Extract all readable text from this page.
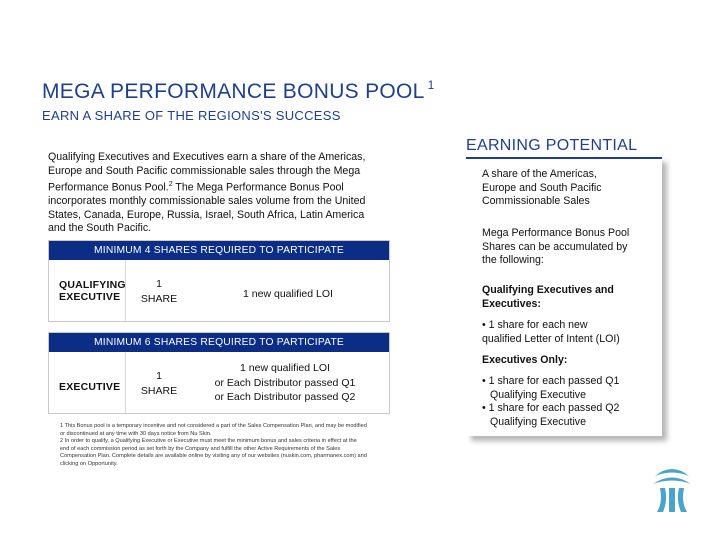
MEGA PERFORMANCE BONUS POOL $^1$
EARN A SHARE OF THE REGIONS'S SUCCESS
Qualifying Executives and Executives earn a share of the Americas,
Europe and South Pacific commissionable sales through the Mega
Performance Bonus Pool.$^2$ The Mega Performance Bonus Pool
incorporates monthly commissionable sales volume from the United
States, Canada, Europe, Russia, Israel, South Africa, Latin America
and the South Pacific.
MINIMUM 4 SHARES REQUIRED TO PARTICIPATE
QUALIFYING
EXECUTIVE
1
SHARE	1 new qualified LOI
MINIMUM 6 SHARES REQUIRED TO PARTICIPATE
EXECUTIVE
1
SHARE
1 new qualified LOI
or Each Distributor passed Q1
or Each Distributor passed Q2
1 This Bonus pool is a temporary incentive and not considered a part of the Sales Compensation Plan, and may be modified
or discontinued at any time with 30 days notice from Nu Skin.
2 In order to qualify, a Qualifying Executive or Executive must meet the minimum bonus and sales criteria in effect at the
end of each commission period as set forth by the Company and fulfill the other Active Requirements of the Sales
Compensation Plan. Complete details are available online by visiting any of our websites (nuskin.com, pharmanex.com) and
clicking on Opportunity.
EARNING POTENTIAL
A share of the Americas,
Europe and South Pacific
Commissionable Sales
Mega Performance Bonus Pool
Shares can be accumulated by
the following:
Qualifying Executives and
Executives:
• 1 share for each new
qualified Letter of Intent (LOI)
Executives Only:
• 1 share for each passed Q1
Qualifying Executive
• 1 share for each passed Q2
Qualifying Executive
